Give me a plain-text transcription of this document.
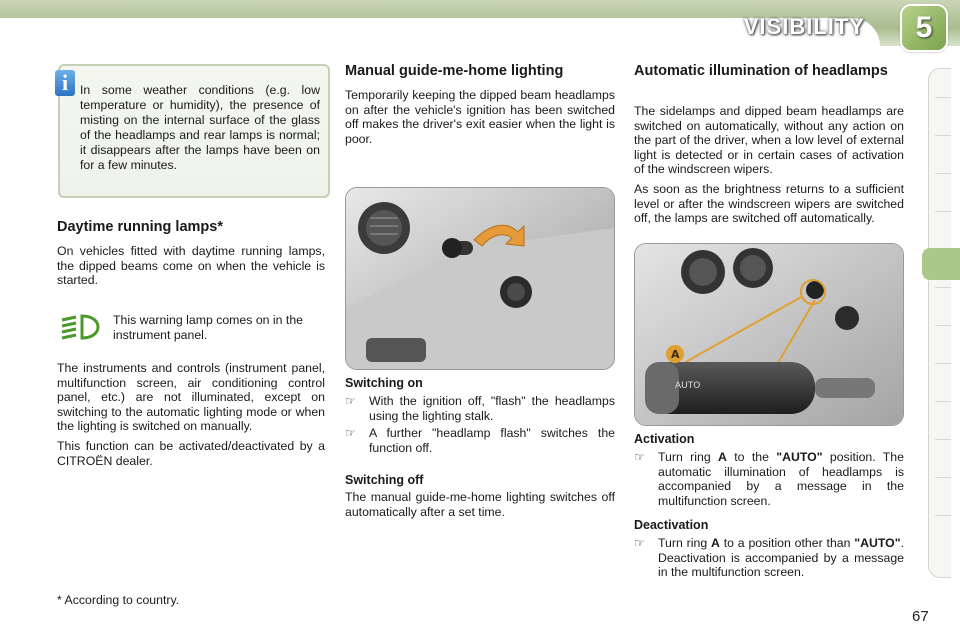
VISIBILITY	5
i In some weather conditions (e.g. low temperature or humidity), the presence of misting on the internal surface of the glass of the headlamps and rear lamps is normal; it disappears after the lamps have been on for a few minutes.
Daytime running lamps*
On vehicles fitted with daytime running lamps, the dipped beams come on when the vehicle is started.
This warning lamp comes on in the instrument panel.
The instruments and controls (instrument panel, multifunction screen, air conditioning control panel, etc.) are not illuminated, except on switching to the automatic lighting mode or when the lighting is switched on manually.
This function can be activated/deactivated by a CITROËN dealer.
* According to country.
Manual guide-me-home lighting
Temporarily keeping the dipped beam headlamps on after the vehicle's ignition has been switched off makes the driver's exit easier when the light is poor.
Switching on
☞	With the ignition off, "flash" the headlamps using the lighting stalk.
☞	A further "headlamp flash" switches the function off.
Switching off
The manual guide-me-home lighting switches off automatically after a set time.
Automatic illumination of headlamps
The sidelamps and dipped beam headlamps are switched on automatically, without any action on the part of the driver, when a low level of external light is detected or in certain cases of activation of the windscreen wipers.
As soon as the brightness returns to a sufficient level or after the windscreen wipers are switched off, the lamps are switched off automatically.
AUTO
A
Activation
☞	Turn ring A to the "AUTO" position. The automatic illumination of headlamps is accompanied by a message in the multifunction screen.
Deactivation
☞	Turn ring A to a position other than "AUTO". Deactivation is accompanied by a message in the multifunction screen.
67
